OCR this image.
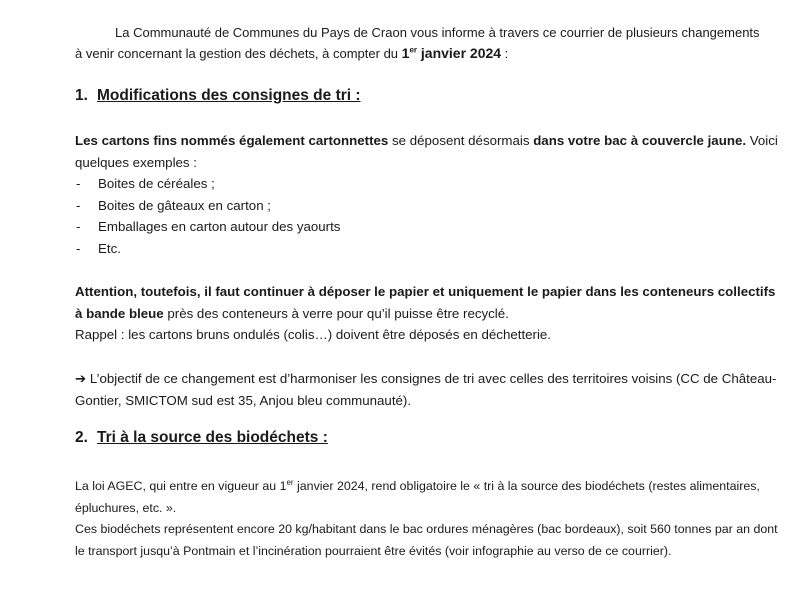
La Communauté de Communes du Pays de Craon vous informe à travers ce courrier de plusieurs changements

à venir concernant la gestion des déchets, à compter du 1er janvier 2024 :

1. Modifications des consignes de tri :

Les cartons fins nommés également cartonnettes se déposent désormais dans votre bac à couvercle jaune. Voici quelques exemples :

- Boites de céréales ;
- Boites de gâteaux en carton ;
- Emballages en carton autour des yaourts
- Etc.

Attention, toutefois, il faut continuer à déposer le papier et uniquement le papier dans les conteneurs collectifs à bande bleue près des conteneurs à verre pour qu’il puisse être recyclé.

Rappel : les cartons bruns ondulés (colis…) doivent être déposés en déchetterie.

➔ L’objectif de ce changement est d’harmoniser les consignes de tri avec celles des territoires voisins (CC de Château-Gontier, SMICTOM sud est 35, Anjou bleu communauté).

2. Tri à la source des biodéchets :

La loi AGEC, qui entre en vigueur au 1er janvier 2024, rend obligatoire le « tri à la source des biodéchets (restes alimentaires, épluchures, etc. ».

Ces biodéchets représentent encore 20 kg/habitant dans le bac ordures ménagères (bac bordeaux), soit 560 tonnes par an dont le transport jusqu’à Pontmain et l’incinération pourraient être évités (voir infographie au verso de ce courrier).
